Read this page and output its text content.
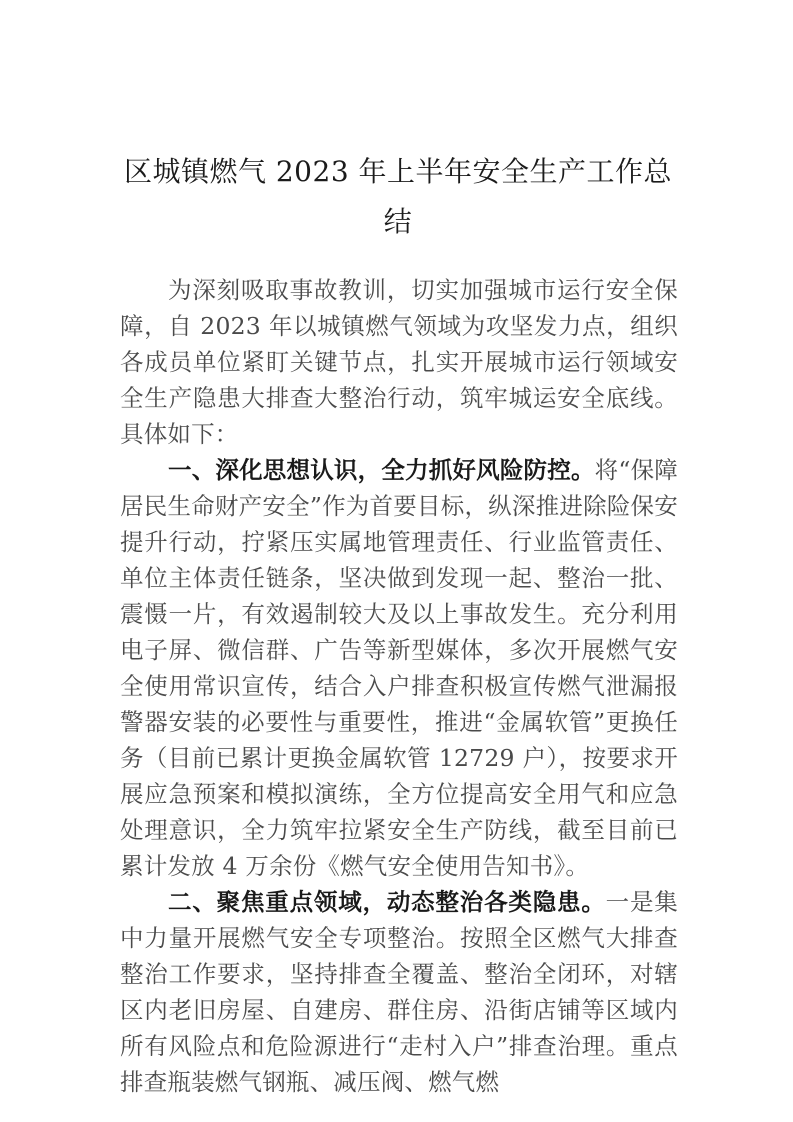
区城镇燃气 2023 年上半年安全生产工作总结

为深刻吸取事故教训，切实加强城市运行安全保障，自 2023 年以城镇燃气领域为攻坚发力点，组织各成员单位紧盯关键节点，扎实开展城市运行领域安全生产隐患大排查大整治行动，筑牢城运安全底线。具体如下：

一、深化思想认识，全力抓好风险防控。将“保障居民生命财产安全”作为首要目标，纵深推进除险保安提升行动，拧紧压实属地管理责任、行业监管责任、单位主体责任链条，坚决做到发现一起、整治一批、震慑一片，有效遏制较大及以上事故发生。充分利用电子屏、微信群、广告等新型媒体，多次开展燃气安全使用常识宣传，结合入户排查积极宣传燃气泄漏报警器安装的必要性与重要性，推进“金属软管”更换任务（目前已累计更换金属软管 12729 户），按要求开展应急预案和模拟演练，全方位提高安全用气和应急处理意识，全力筑牢拉紧安全生产防线，截至目前已累计发放 4 万余份《燃气安全使用告知书》。

二、聚焦重点领域，动态整治各类隐患。一是集中力量开展燃气安全专项整治。按照全区燃气大排查整治工作要求，坚持排查全覆盖、整治全闭环，对辖区内老旧房屋、自建房、群住房、沿街店铺等区域内所有风险点和危险源进行“走村入户”排查治理。重点排查瓶装燃气钢瓶、减压阀、燃气燃
